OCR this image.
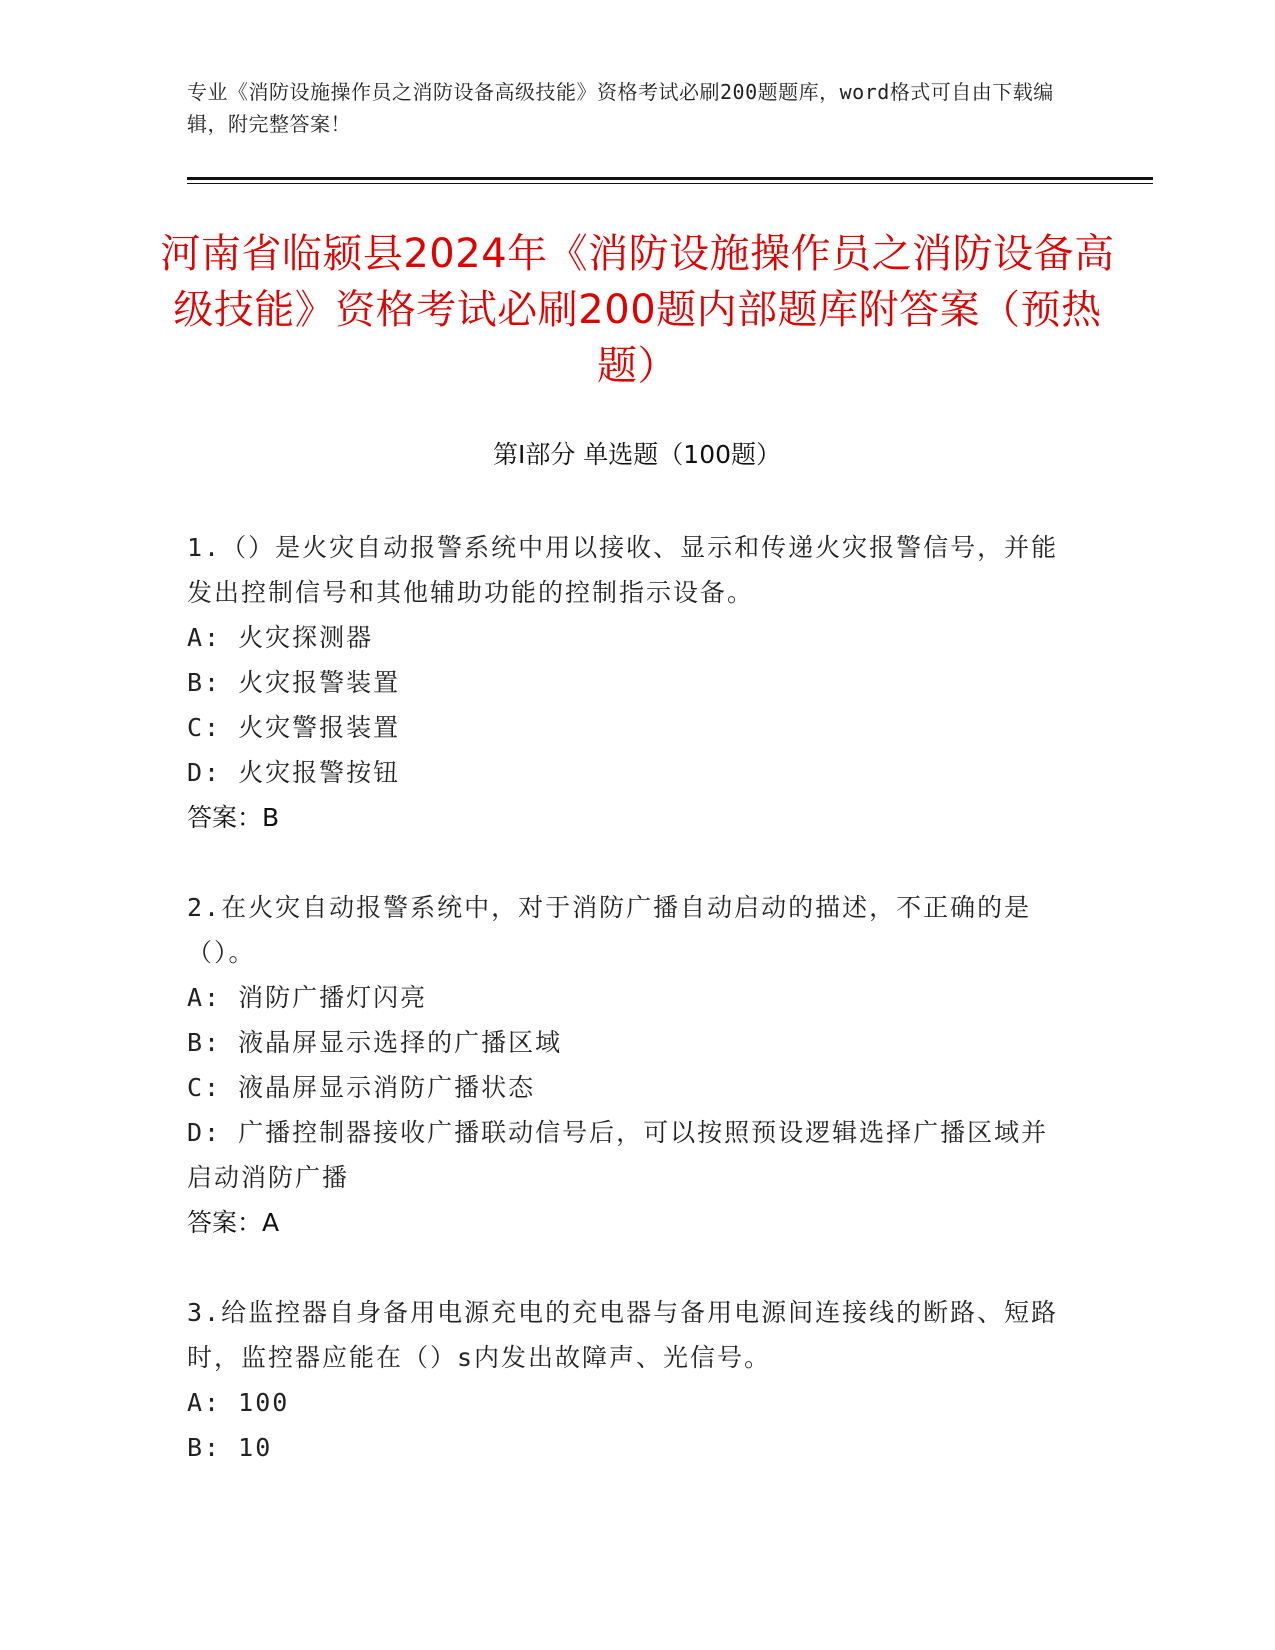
专业《消防设施操作员之消防设备高级技能》资格考试必刷200题题库，word格式可自由下载编辑，附完整答案！
河南省临颍县2024年《消防设施操作员之消防设备高级技能》资格考试必刷200题内部题库附答案（预热题）
第I部分 单选题（100题）

1.（）是火灾自动报警系统中用以接收、显示和传递火灾报警信号，并能发出控制信号和其他辅助功能的控制指示设备。

A: 火灾探测器

B: 火灾报警装置

C: 火灾警报装置

D: 火灾报警按钮

答案：B

2.在火灾自动报警系统中，对于消防广播自动启动的描述，不正确的是（）。

A: 消防广播灯闪亮

B: 液晶屏显示选择的广播区域

C: 液晶屏显示消防广播状态

D: 广播控制器接收广播联动信号后，可以按照预设逻辑选择广播区域并启动消防广播

答案：A

3.给监控器自身备用电源充电的充电器与备用电源间连接线的断路、短路时，监控器应能在（）s内发出故障声、光信号。

A: 100

B: 10
